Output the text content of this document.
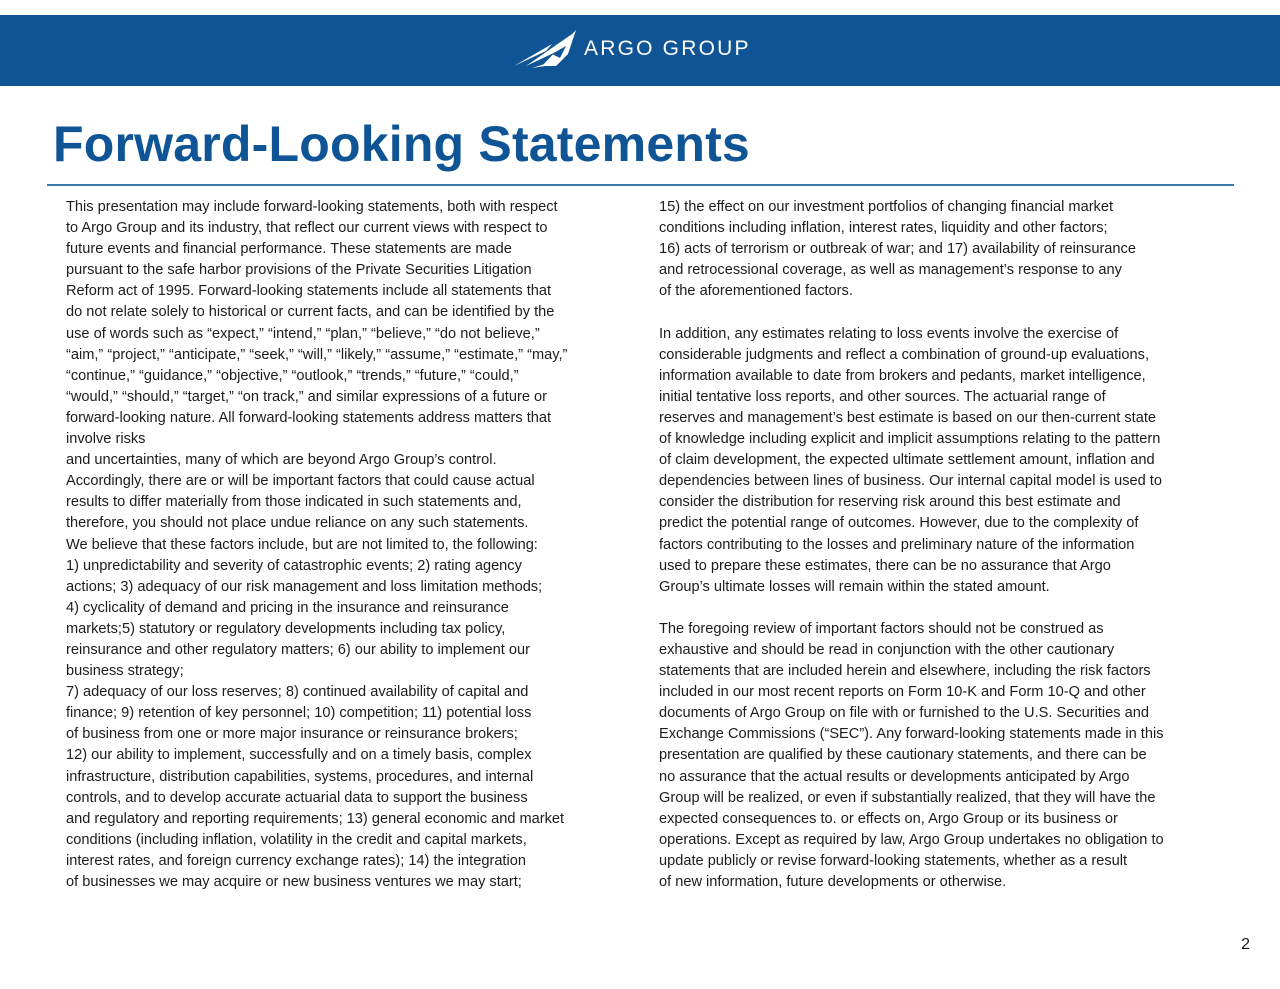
ARGO GROUP
Forward-Looking Statements
This presentation may include forward-looking statements, both with respect
to Argo Group and its industry, that reflect our current views with respect to
future events and financial performance. These statements are made
pursuant to the safe harbor provisions of the Private Securities Litigation
Reform act of 1995. Forward-looking statements include all statements that
do not relate solely to historical or current facts, and can be identified by the
use of words such as “expect,” “intend,” “plan,” “believe,” “do not believe,”
“aim,” “project,” “anticipate,” “seek,” “will,” “likely,” “assume,” “estimate,” “may,”
“continue,” “guidance,” “objective,” “outlook,” “trends,” “future,” “could,”
“would,” “should,” “target,” “on track,” and similar expressions of a future or
forward-looking nature. All forward-looking statements address matters that
involve risks
and uncertainties, many of which are beyond Argo Group’s control.
Accordingly, there are or will be important factors that could cause actual
results to differ materially from those indicated in such statements and,
therefore, you should not place undue reliance on any such statements.
We believe that these factors include, but are not limited to, the following:
1) unpredictability and severity of catastrophic events; 2) rating agency
actions; 3) adequacy of our risk management and loss limitation methods;
4) cyclicality of demand and pricing in the insurance and reinsurance
markets;5) statutory or regulatory developments including tax policy,
reinsurance and other regulatory matters; 6) our ability to implement our
business strategy;
7) adequacy of our loss reserves; 8) continued availability of capital and
finance; 9) retention of key personnel; 10) competition; 11) potential loss
of business from one or more major insurance or reinsurance brokers;
12) our ability to implement, successfully and on a timely basis, complex
infrastructure, distribution capabilities, systems, procedures, and internal
controls, and to develop accurate actuarial data to support the business
and regulatory and reporting requirements; 13) general economic and market
conditions (including inflation, volatility in the credit and capital markets,
interest rates, and foreign currency exchange rates); 14) the integration
of businesses we may acquire or new business ventures we may start;
15) the effect on our investment portfolios of changing financial market
conditions including inflation, interest rates, liquidity and other factors;
16) acts of terrorism or outbreak of war; and 17) availability of reinsurance
and retrocessional coverage, as well as management’s response to any
of the aforementioned factors.
In addition, any estimates relating to loss events involve the exercise of
considerable judgments and reflect a combination of ground-up evaluations,
information available to date from brokers and pedants, market intelligence,
initial tentative loss reports, and other sources. The actuarial range of
reserves and management’s best estimate is based on our then-current state
of knowledge including explicit and implicit assumptions relating to the pattern
of claim development, the expected ultimate settlement amount, inflation and
dependencies between lines of business. Our internal capital model is used to
consider the distribution for reserving risk around this best estimate and
predict the potential range of outcomes. However, due to the complexity of
factors contributing to the losses and preliminary nature of the information
used to prepare these estimates, there can be no assurance that Argo
Group’s ultimate losses will remain within the stated amount.
The foregoing review of important factors should not be construed as
exhaustive and should be read in conjunction with the other cautionary
statements that are included herein and elsewhere, including the risk factors
included in our most recent reports on Form 10-K and Form 10-Q and other
documents of Argo Group on file with or furnished to the U.S. Securities and
Exchange Commissions (“SEC”). Any forward-looking statements made in this
presentation are qualified by these cautionary statements, and there can be
no assurance that the actual results or developments anticipated by Argo
Group will be realized, or even if substantially realized, that they will have the
expected consequences to. or effects on, Argo Group or its business or
operations. Except as required by law, Argo Group undertakes no obligation to
update publicly or revise forward-looking statements, whether as a result
of new information, future developments or otherwise.
2
